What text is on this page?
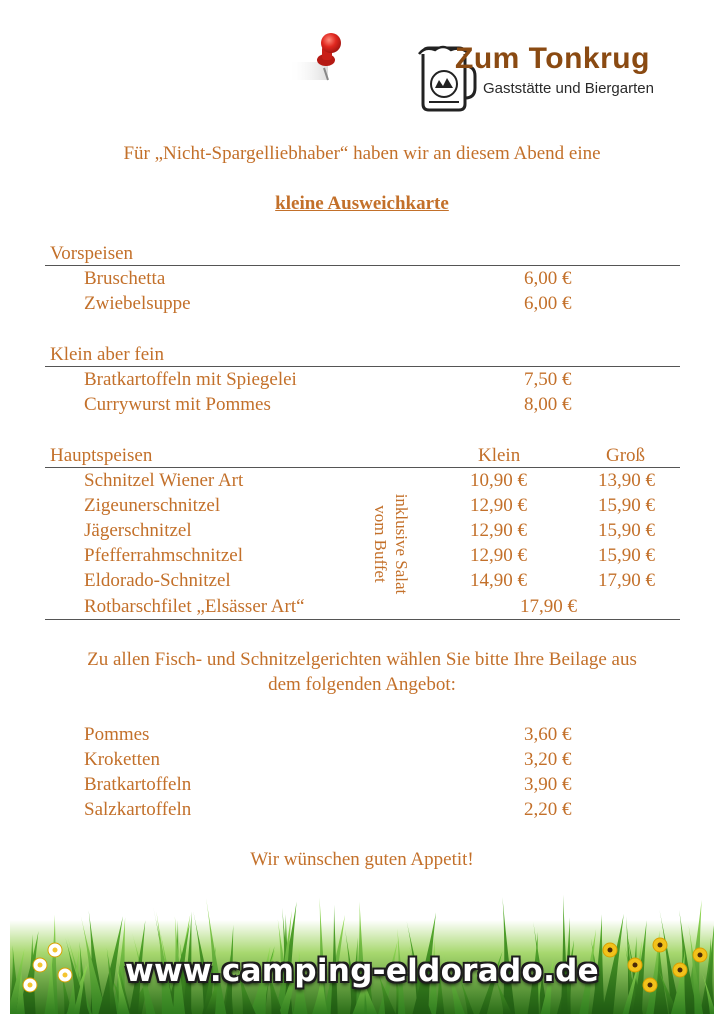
Zum Tonkrug
Gaststätte und Biergarten
Für „Nicht-Spargelliebhaber“ haben wir an diesem Abend eine
kleine Ausweichkarte
Vorspeisen
Bruschetta	6,00 €
Zwiebelsuppe	6,00 €
Klein aber fein
Bratkartoffeln mit Spiegelei	7,50 €
Currywurst mit Pommes	8,00 €
Hauptspeisen	Klein	Groß
Schnitzel Wiener Art	10,90 €	13,90 €
Zigeunerschnitzel	12,90 €	15,90 €
Jägerschnitzel	12,90 €	15,90 €
Pfefferrahmschnitzel	12,90 €	15,90 €
Eldorado-Schnitzel	14,90 €	17,90 €
Rotbarschfilet „Elsässer Art“	17,90 €
inklusive Salat vom Buffet
Zu allen Fisch- und Schnitzelgerichten wählen Sie bitte Ihre Beilage aus
dem folgenden Angebot:
Pommes	3,60 €
Kroketten	3,20 €
Bratkartoffeln	3,90 €
Salzkartoffeln	2,20 €
Wir wünschen guten Appetit!
www.camping-eldorado.de
